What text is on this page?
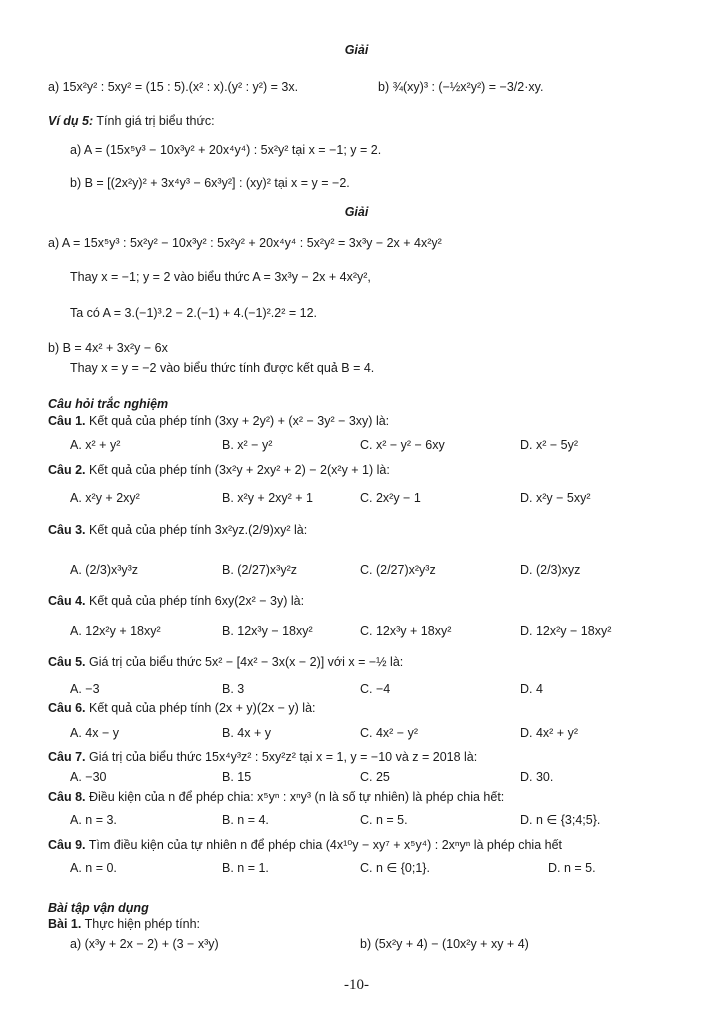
Giải
a) 15x²y² : 5xy² = (15 : 5).(x² : x).(y² : y²) = 3x.	b) ¾(xy)³ : (−½x²y²) = −3/2·xy.
Ví dụ 5: Tính giá trị biểu thức:
a) A = (15x⁵y³ − 10x³y² + 20x⁴y⁴) : 5x²y² tại x = −1; y = 2.
b) B = [(2x²y)² + 3x⁴y³ − 6x³y²] : (xy)² tại x = y = −2.
Giải
a) A = 15x⁵y³ : 5x²y² − 10x³y² : 5x²y² + 20x⁴y⁴ : 5x²y² = 3x³y − 2x + 4x²y²
Thay x = −1; y = 2 vào biểu thức A = 3x³y − 2x + 4x²y²,
Ta có A = 3.(−1)³.2 − 2.(−1) + 4.(−1)².2² = 12.
b) B = 4x² + 3x²y − 6x
Thay x = y = −2 vào biểu thức tính được kết quả B = 4.
Câu hỏi trắc nghiệm
Câu 1. Kết quả của phép tính (3xy + 2y²) + (x² − 3y² − 3xy) là:
A. x² + y²	B. x² − y²	C. x² − y² − 6xy	D. x² − 5y²
Câu 2. Kết quả của phép tính (3x²y + 2xy² + 2) − 2(x²y + 1) là:
A. x²y + 2xy²	B. x²y + 2xy² + 1	C. 2x²y − 1	D. x²y − 5xy²
Câu 3. Kết quả của phép tính 3x²yz.(2/9)xy² là:
A. (2/3)x³y³z	B. (2/27)x³y²z	C. (2/27)x²y³z	D. (2/3)xyz
Câu 4. Kết quả của phép tính 6xy(2x² − 3y) là:
A. 12x²y + 18xy²	B. 12x³y − 18xy²	C. 12x³y + 18xy²	D. 12x²y − 18xy²
Câu 5. Giá trị của biểu thức 5x² − [4x² − 3x(x − 2)] với x = −½ là:
A. −3	B. 3	C. −4	D. 4
Câu 6. Kết quả của phép tính (2x + y)(2x − y) là:
A. 4x − y	B. 4x + y	C. 4x² − y²	D. 4x² + y²
Câu 7. Giá trị của biểu thức 15x⁴y³z² : 5xy²z² tại x = 1, y = −10 và z = 2018 là:
A. −30	B. 15	C. 25	D. 30.
Câu 8. Điều kiện của n để phép chia: x⁵yⁿ : xⁿy³ (n là số tự nhiên) là phép chia hết:
A. n = 3.	B. n = 4.	C. n = 5.	D. n ∈ {3;4;5}.
Câu 9. Tìm điều kiện của tự nhiên n để phép chia (4x¹⁰y − xy⁷ + x⁵y⁴) : 2xⁿyⁿ là phép chia hết
A. n = 0.	B. n = 1.	C. n ∈ {0;1}.	D. n = 5.
Bài tập vận dụng
Bài 1. Thực hiện phép tính:
a) (x³y + 2x − 2) + (3 − x³y)	b) (5x²y + 4) − (10x²y + xy + 4)
-10-
